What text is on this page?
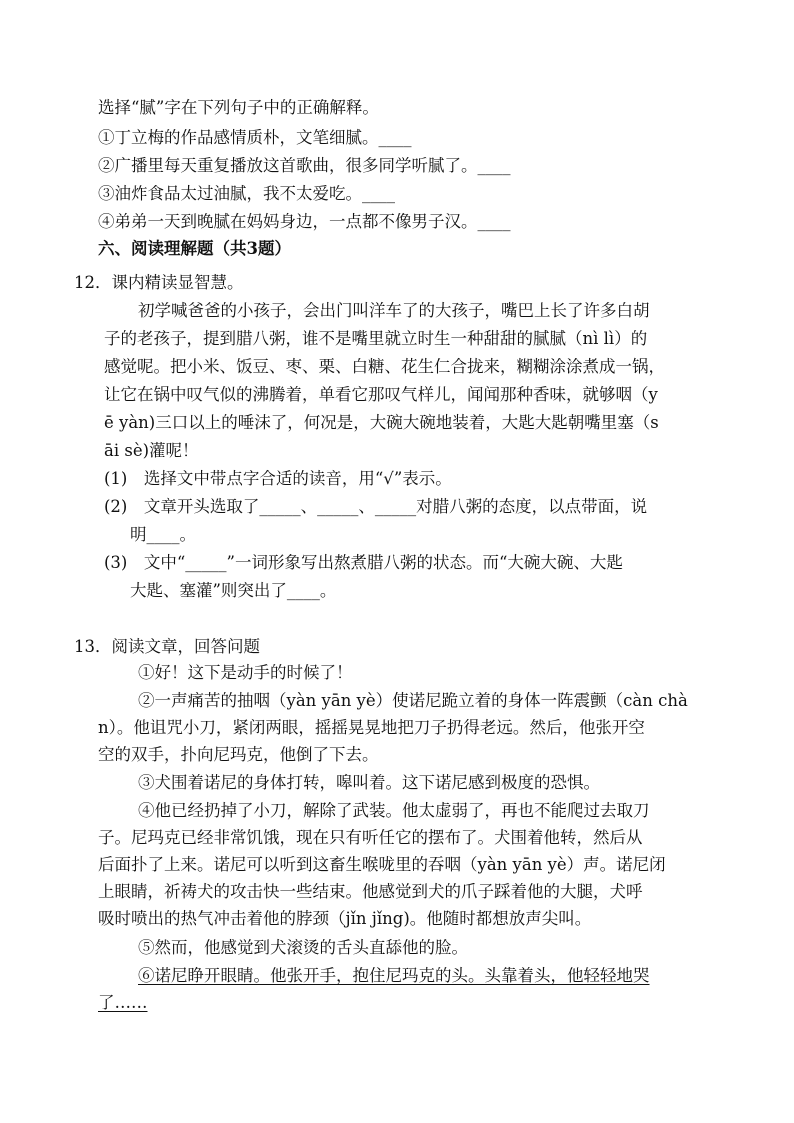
选择“腻”字在下列句子中的正确解释。
①丁立梅的作品感情质朴，文笔细腻。____
②广播里每天重复播放这首歌曲，很多同学听腻了。____
③油炸食品太过油腻，我不太爱吃。____
④弟弟一天到晚腻在妈妈身边，一点都不像男子汉。____
六、阅读理解题（共3题）
12．课内精读显智慧。
初学喊爸爸的小孩子，会出门叫洋车了的大孩子，嘴巴上长了许多白胡
子的老孩子，提到腊八粥，谁不是嘴里就立时生一种甜甜的腻腻（nì lì）的
感觉呢。把小米、饭豆、枣、栗、白糖、花生仁合拢来，糊糊涂涂煮成一锅，
让它在锅中叹气似的沸腾着，单看它那叹气样儿，闻闻那种香味，就够咽（y
ē yàn)三口以上的唾沫了，何况是，大碗大碗地装着，大匙大匙朝嘴里塞（s
āi sè)灌呢！
(1)　选择文中带点字合适的读音，用“√”表示。
(2)　文章开头选取了_____、_____、_____对腊八粥的态度，以点带面，说
明____。
(3)　文中“_____”一词形象写出熬煮腊八粥的状态。而“大碗大碗、大匙
大匙、塞灌”则突出了____。
13．阅读文章，回答问题
①好！这下是动手的时候了！
②一声痛苦的抽咽（yàn yān yè）使诺尼跪立着的身体一阵震颤（càn chà
n）。他诅咒小刀，紧闭两眼，摇摇晃晃地把刀子扔得老远。然后，他张开空
空的双手，扑向尼玛克，他倒了下去。
③犬围着诺尼的身体打转，嗥叫着。这下诺尼感到极度的恐惧。
④他已经扔掉了小刀，解除了武装。他太虚弱了，再也不能爬过去取刀
子。尼玛克已经非常饥饿，现在只有听任它的摆布了。犬围着他转，然后从
后面扑了上来。诺尼可以听到这畜生喉咙里的吞咽（yàn yān yè）声。诺尼闭
上眼睛，祈祷犬的攻击快一些结束。他感觉到犬的爪子踩着他的大腿，犬呼
吸时喷出的热气冲击着他的脖颈（jǐn jǐng)。他随时都想放声尖叫。
⑤然而，他感觉到犬滚烫的舌头直舔他的脸。
⑥诺尼睁开眼睛。他张开手，抱住尼玛克的头。头靠着头，他轻轻地哭
了……
